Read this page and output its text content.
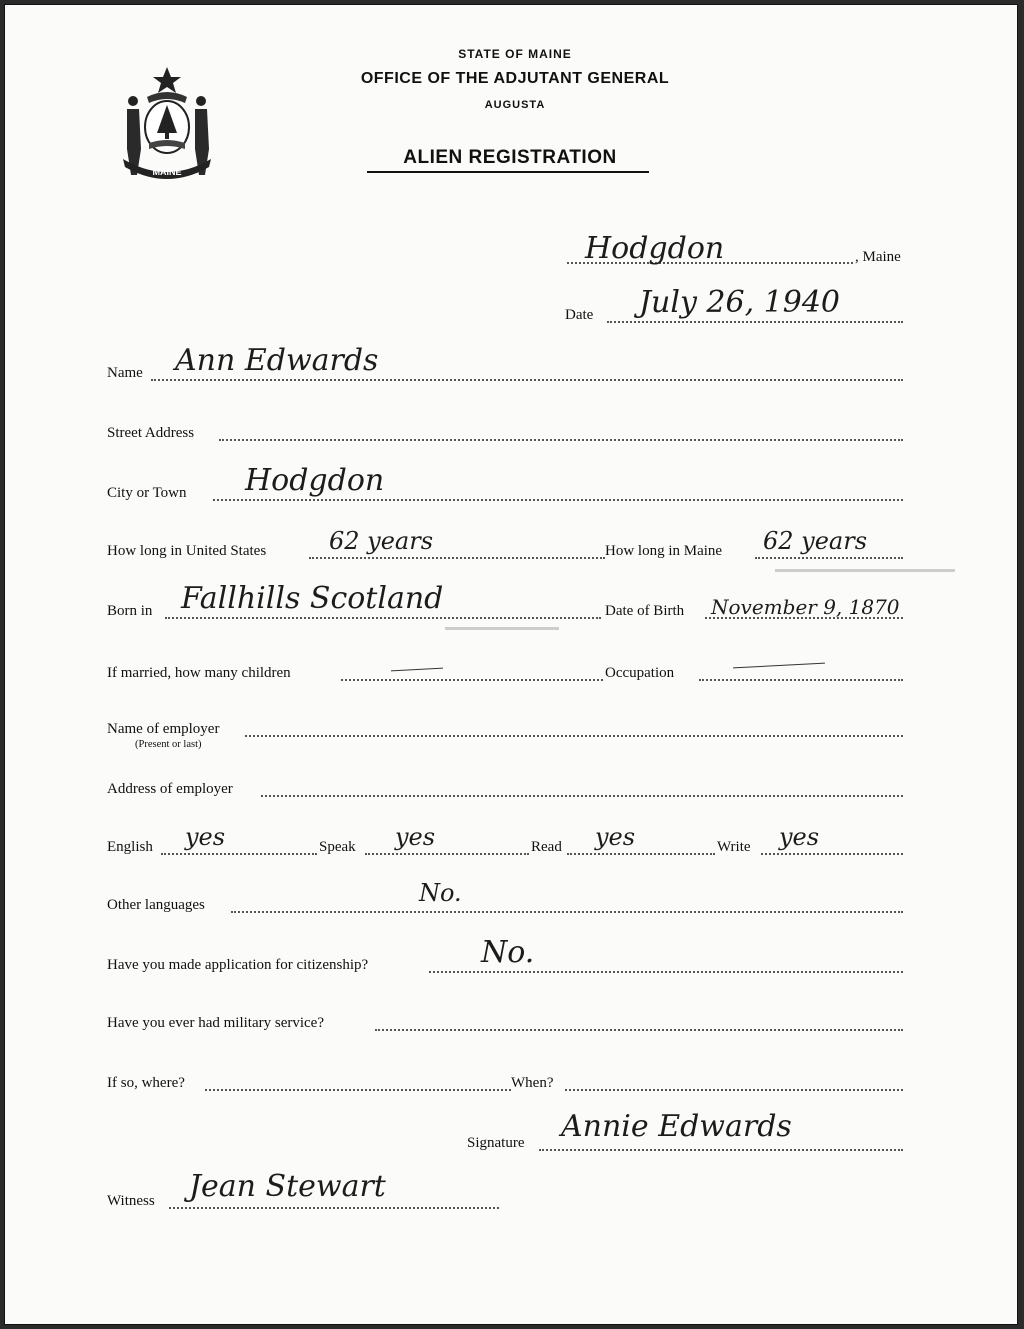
MAINE
STATE OF MAINE
OFFICE OF THE ADJUTANT GENERAL
AUGUSTA
ALIEN REGISTRATION
Hodgdon	, Maine
Date July 26, 1940
Name Ann Edwards
Street Address
City or Town Hodgdon
How long in United States	62 years	How long in Maine 62 years
Born in Fallhills Scotland	Date of Birth November 9, 1870
If married, how many children	Occupation
Name of employer
(Present or last)
Address of employer
English yes	Speak yes	Read yes	Write yes
Other languages	No.
Have you made application for citizenship?	No.
Have you ever had military service?
If so, where?	When?
Signature Annie Edwards
Witness Jean Stewart
